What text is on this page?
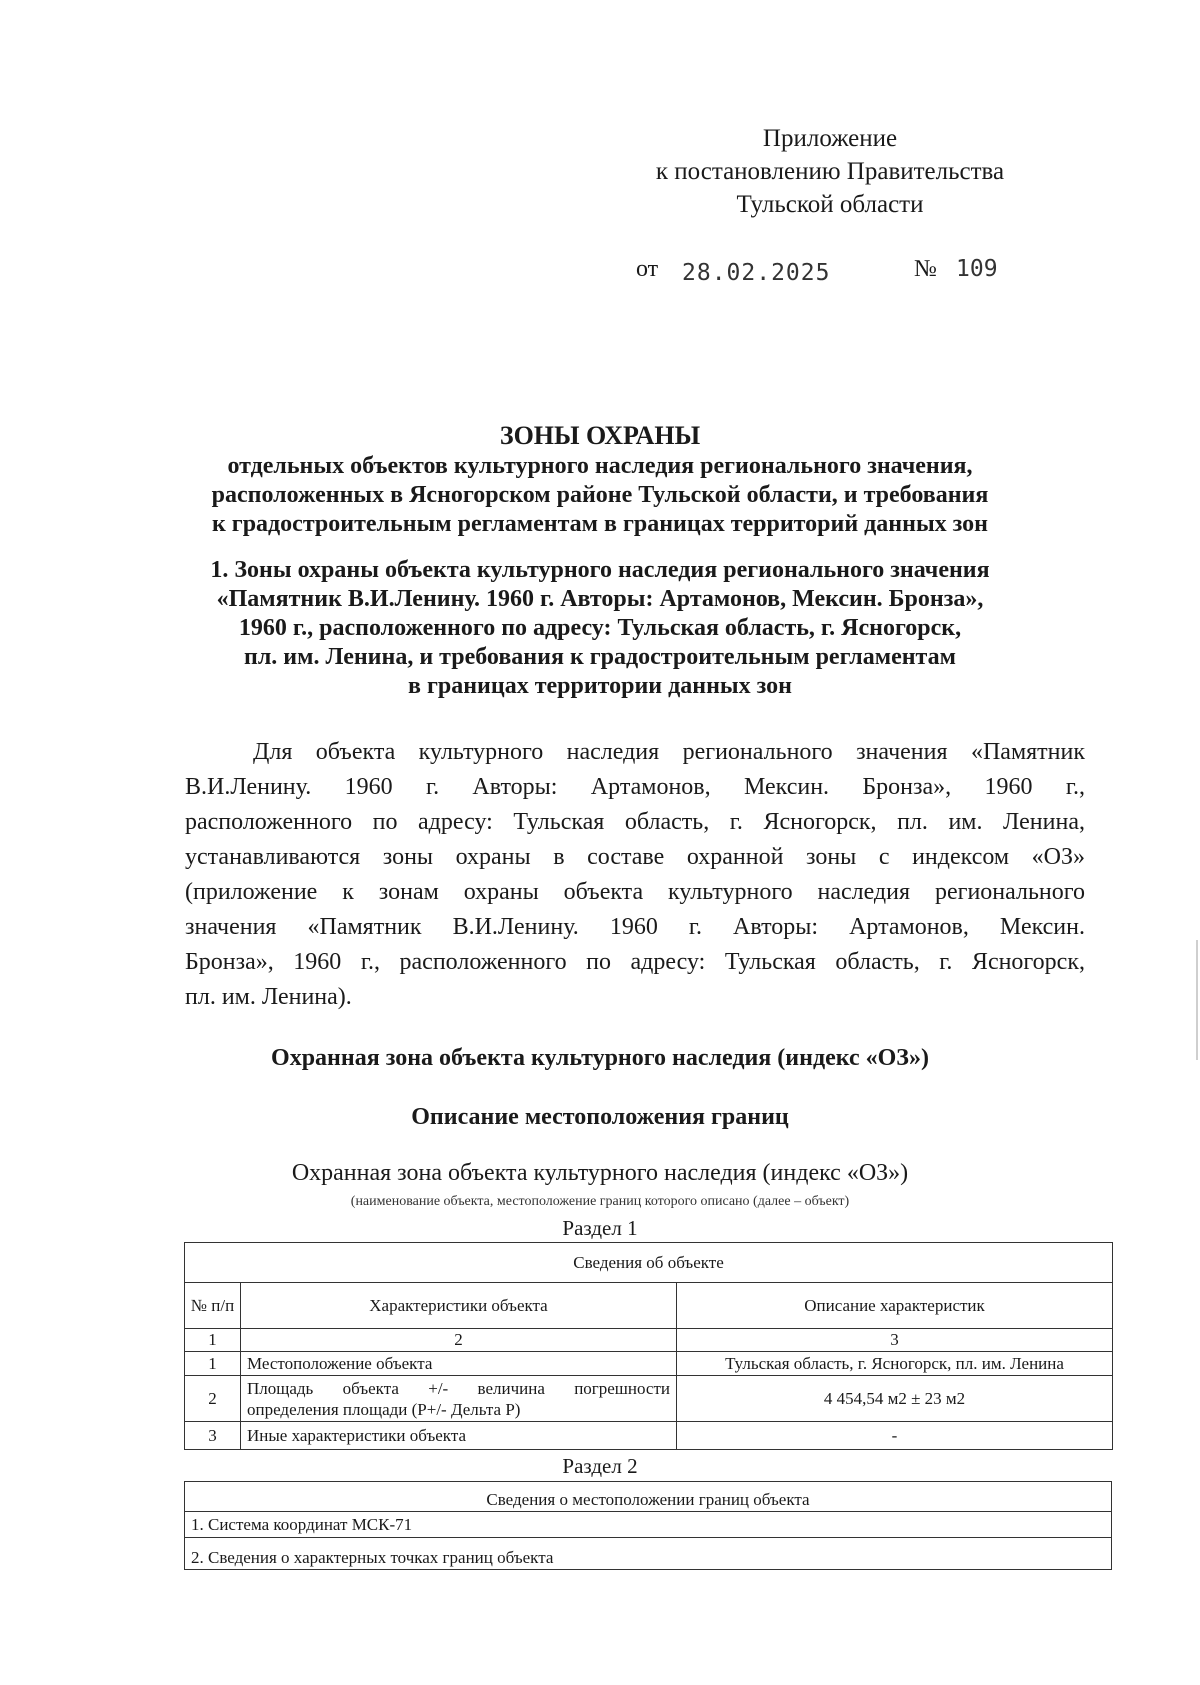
Приложение
к постановлению Правительства
Тульской области
от 28.02.2025	№ 109
ЗОНЫ ОХРАНЫ
отдельных объектов культурного наследия регионального значения,
расположенных в Ясногорском районе Тульской области, и требования
к градостроительным регламентам в границах территорий данных зон
1. Зоны охраны объекта культурного наследия регионального значения
«Памятник В.И.Ленину. 1960 г. Авторы: Артамонов, Мексин. Бронза»,
1960 г., расположенного по адресу: Тульская область, г. Ясногорск,
пл. им. Ленина, и требования к градостроительным регламентам
в границах территории данных зон
Для объекта культурного наследия регионального значения «Памятник
В.И.Ленину. 1960 г. Авторы: Артамонов, Мексин. Бронза», 1960 г.,
расположенного по адресу: Тульская область, г. Ясногорск, пл. им. Ленина,
устанавливаются зоны охраны в составе охранной зоны с индексом «ОЗ»
(приложение к зонам охраны объекта культурного наследия регионального
значения «Памятник В.И.Ленину. 1960 г. Авторы: Артамонов, Мексин.
Бронза», 1960 г., расположенного по адресу: Тульская область, г. Ясногорск,
пл. им. Ленина).
Охранная зона объекта культурного наследия (индекс «ОЗ»)
Описание местоположения границ
Охранная зона объекта культурного наследия (индекс «ОЗ»)
(наименование объекта, местоположение границ которого описано (далее – объект)
Раздел 1
Сведения об объекте		
№ п/п	Характеристики объекта	Описание характеристик
1	2	3
1	Местоположение объекта	Тульская область, г. Ясногорск, пл. им. Ленина
2	Площадь объекта +/- величина погрешности
определения площади (P+/- Дельта P)	4 454,54 м2 ± 23 м2
3	Иные характеристики объекта	-
Раздел 2
Сведения о местоположении границ объекта
1. Система координат МСК-71
2. Сведения о характерных точках границ объекта
